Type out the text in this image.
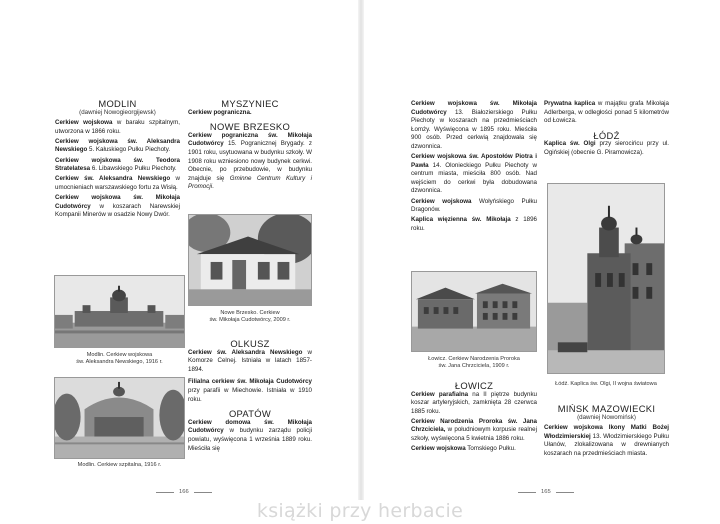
MODLIN
(dawniej Nowogieorgijewsk)

Cerkiew wojskowa w baraku szpitalnym, utworzona w 1866 roku.

Cerkiew wojskowa św. Aleksandra Newskiego 5. Kałuskiego Pułku Piechoty.

Cerkiew wojskowa św. Teodora Stratelatesa 6. Libawskiego Pułku Piechoty.

Cerkiew św. Aleksandra Newskiego w umocnieniach warszawskiego fortu za Wisłą.

Cerkiew wojskowa św. Mikołaja Cudotwórcy w koszarach Narewskiej Kompanii Minerów w osadzie Nowy Dwór.

Modlin. Cerkiew wojskowa
św. Aleksandra Newskiego, 1916 r.
Modlin. Cerkiew szpitalna, 1916 r.
MYSZYNIEC

Cerkiew pograniczna.

NOWE BRZESKO

Cerkiew pograniczna św. Mikołaja Cudotwórcy 15. Pogranicznej Brygady. z 1901 roku, usytuowana w budynku szkoły. W 1908 roku wzniesiono nowy budynek cerkwi. Obecnie, po przebudowie, w budynku znajduje się Gminne Centrum Kultury i Promocji.

Nowe Brzesko. Cerkiew
św. Mikołaja Cudotwórcy, 2009 r.
OLKUSZ

Cerkiew św. Aleksandra Newskiego w Komorze Celnej. Istniała w latach 1857-1894.

Filialna cerkiew św. Mikołaja Cudotwórcy przy parafii w Miechowie. Istniała w 1910 roku.

OPATÓW

Cerkiew domowa św. Mikołaja Cudotwórcy w budynku zarządu policji powiatu, wyświęcona 1 września 1889 roku. Mieściła się

166

Cerkiew wojskowa św. Mikołaja Cudotwórcy 13. Białozierskiego Pułku Piechoty w koszarach na przedmieściach Łomży. Wyświęcona w 1895 roku. Mieściła 900 osób. Przed cerkwią znajdowała się dzwonnica.

Cerkiew wojskowa św. Apostołów Piotra i Pawła 14. Olonieckiego Pułku Piechoty w centrum miasta, mieściła 800 osób. Nad wejściem do cerkwi była dobudowana dzwonnica.

Cerkiew wojskowa Wołyńskiego Pułku Dragonów.

Kaplica więzienna św. Mikołaja z 1896 roku.

Łowicz. Cerkiew Narodzenia Proroka
św. Jana Chrzciciela, 1909 r.
ŁOWICZ

Cerkiew parafialna na II piętrze budynku koszar artyleryjskich, zamknięta 28 czerwca 1885 roku.

Cerkiew Narodzenia Proroka św. Jana Chrzciciela, w południowym korpusie realnej szkoły, wyświęcona 5 kwietnia 1886 roku.

Cerkiew wojskowa Tomskiego Pułku.

165

Prywatna kaplica w majątku grafa Mikołaja Adlerberga, w odległości ponad 5 kilometrów od Łowicza.

ŁÓDŹ

Kaplica św. Olgi przy sierocińcu przy ul. Ogińskiej (obecnie G. Piramowicza).

Łódź. Kaplica św. Olgi, II wojna światowa
MIŃSK MAZOWIECKI
(dawniej Nowomińsk)

Cerkiew wojskowa Ikony Matki Bożej Włodzimierskiej 13. Włodzimierskiego Pułku Ułanów, zlokalizowana w drewnianych koszarach na przedmieściach miasta.

książki przy herbacie
